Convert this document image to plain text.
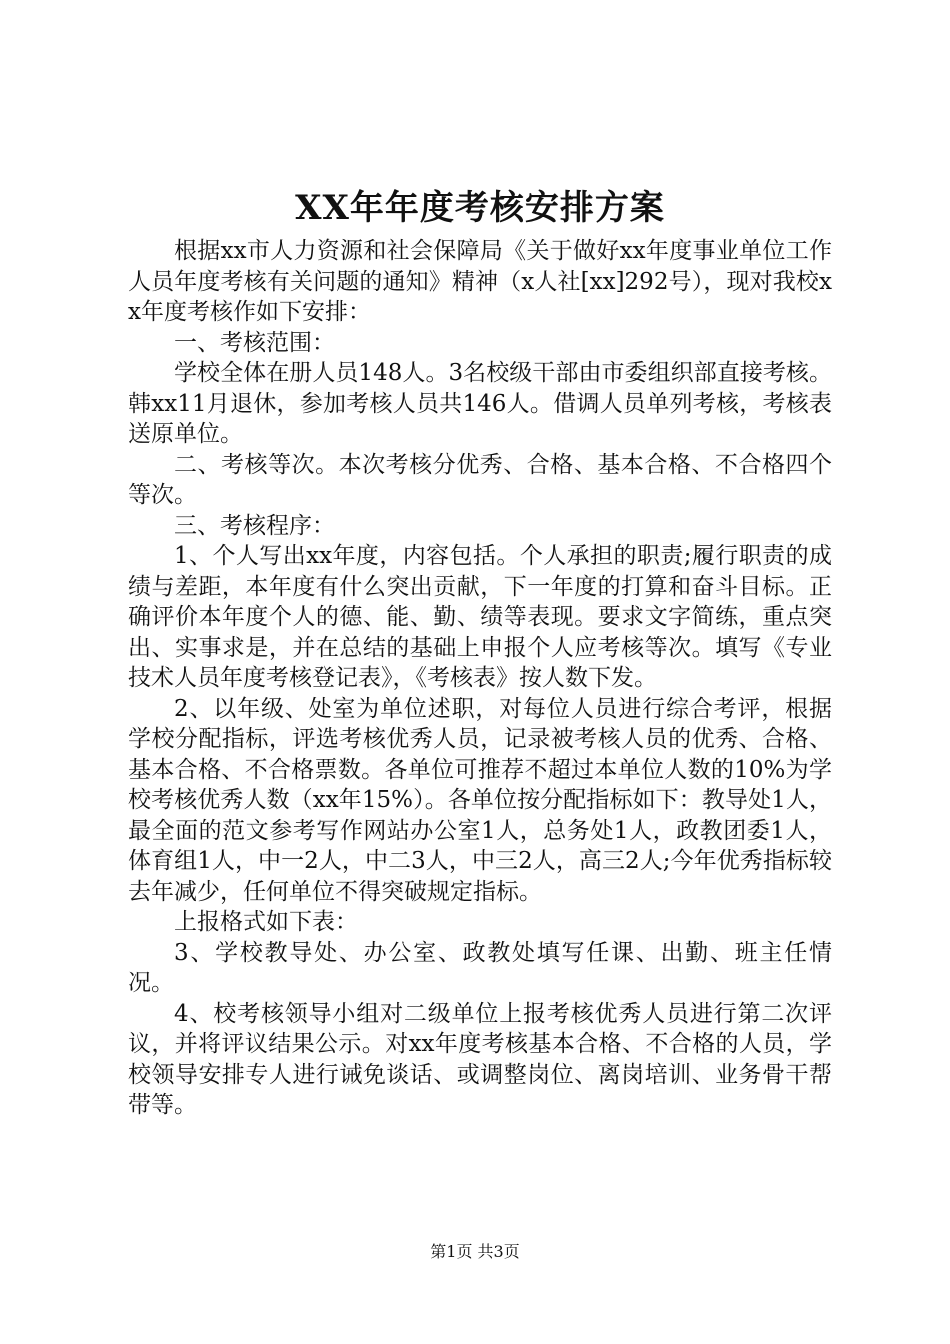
XX年年度考核安排方案

根据xx市人力资源和社会保障局《关于做好xx年度事业单位工作人员年度考核有关问题的通知》精神（x人社[xx]292号），现对我校xx年度考核作如下安排：

一、考核范围：

学校全体在册人员148人。3名校级干部由市委组织部直接考核。韩xx11月退休，参加考核人员共146人。借调人员单列考核，考核表送原单位。

二、考核等次。本次考核分优秀、合格、基本合格、不合格四个等次。

三、考核程序：

1、个人写出xx年度，内容包括。个人承担的职责;履行职责的成绩与差距，本年度有什么突出贡献，下一年度的打算和奋斗目标。正确评价本年度个人的德、能、勤、绩等表现。要求文字简练，重点突出、实事求是，并在总结的基础上申报个人应考核等次。填写《专业技术人员年度考核登记表》，《考核表》按人数下发。

2、以年级、处室为单位述职，对每位人员进行综合考评，根据学校分配指标，评选考核优秀人员，记录被考核人员的优秀、合格、基本合格、不合格票数。各单位可推荐不超过本单位人数的10%为学校考核优秀人数（xx年15%）。各单位按分配指标如下：教导处1人，最全面的范文参考写作网站办公室1人，总务处1人，政教团委1人，体育组1人，中一2人，中二3人，中三2人，高三2人;今年优秀指标较去年减少，任何单位不得突破规定指标。

上报格式如下表：

3、学校教导处、办公室、政教处填写任课、出勤、班主任情况。

4、校考核领导小组对二级单位上报考核优秀人员进行第二次评议，并将评议结果公示。对xx年度考核基本合格、不合格的人员，学校领导安排专人进行诫免谈话、或调整岗位、离岗培训、业务骨干帮带等。

第1页 共3页
